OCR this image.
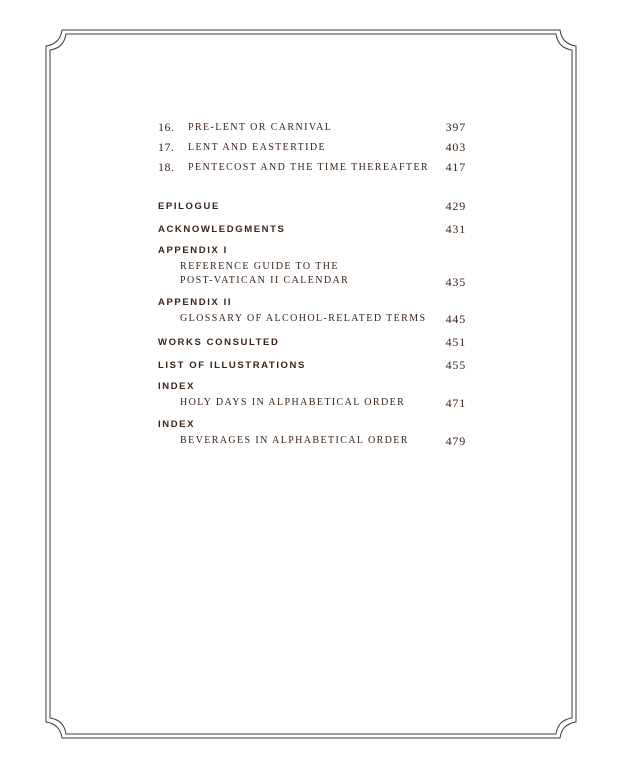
16.	PRE-LENT OR CARNIVAL	397
17.	LENT AND EASTERTIDE	403
18.	PENTECOST AND THE TIME THEREAFTER 417
EPILOGUE	429
ACKNOWLEDGMENTS	431
APPENDIX I
REFERENCE GUIDE TO THE
POST-VATICAN II CALENDAR	435
APPENDIX II
GLOSSARY OF ALCOHOL-RELATED TERMS 445
WORKS CONSULTED	451
LIST OF ILLUSTRATIONS	455
INDEX
HOLY DAYS IN ALPHABETICAL ORDER	471
INDEX
BEVERAGES IN ALPHABETICAL ORDER	479
